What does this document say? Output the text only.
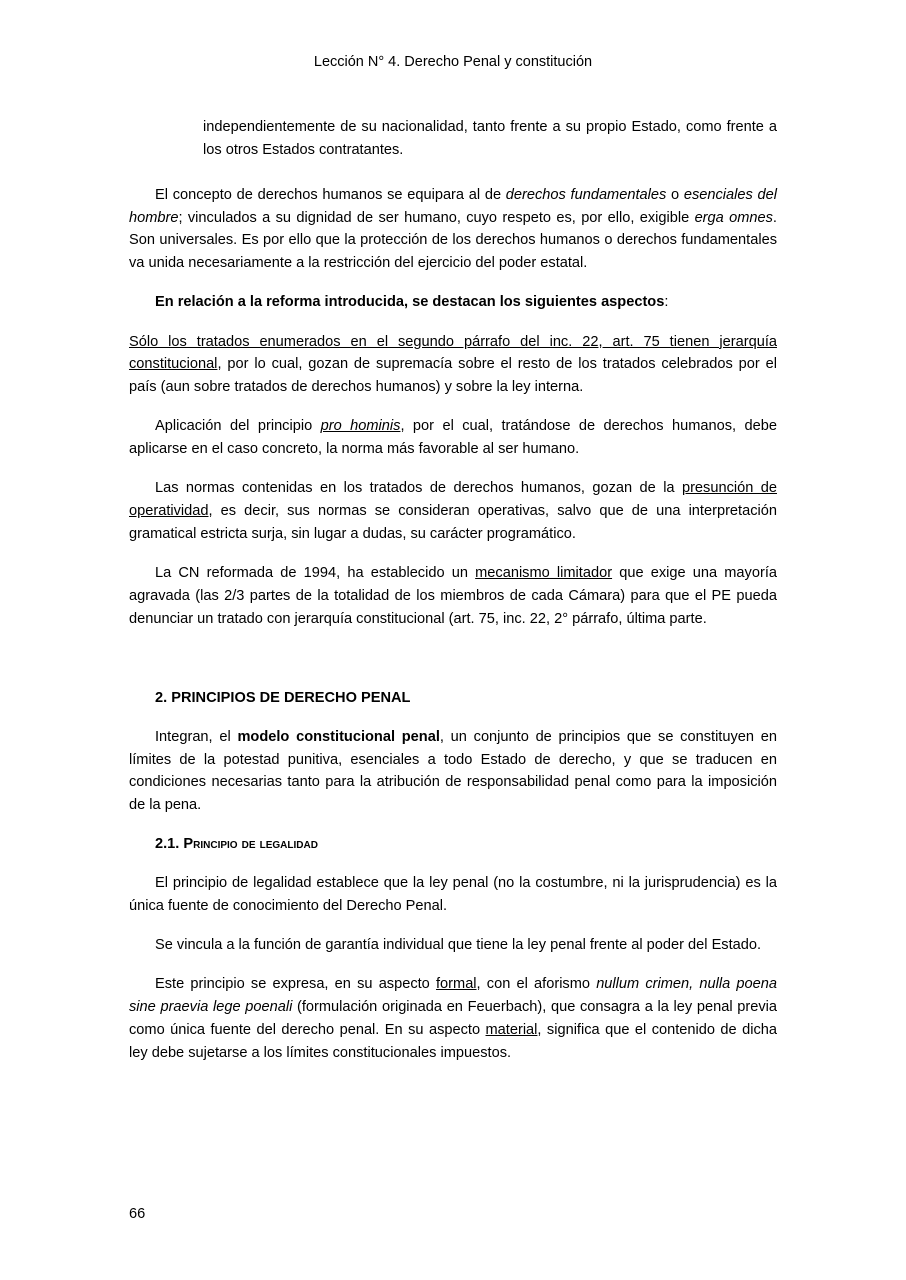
Lección N° 4. Derecho Penal y constitución
independientemente de su nacionalidad, tanto frente a su propio Estado, como frente a los otros Estados contratantes.

El concepto de derechos humanos se equipara al de derechos fundamentales o esenciales del hombre; vinculados a su dignidad de ser humano, cuyo respeto es, por ello, exigible erga omnes. Son universales. Es por ello que la protección de los derechos humanos o derechos fundamentales va unida necesariamente a la restricción del ejercicio del poder estatal.

En relación a la reforma introducida, se destacan los siguientes aspectos:

Sólo los tratados enumerados en el segundo párrafo del inc. 22, art. 75 tienen jerarquía constitucional, por lo cual, gozan de supremacía sobre el resto de los tratados celebrados por el país (aun sobre tratados de derechos humanos) y sobre la ley interna.

Aplicación del principio pro hominis, por el cual, tratándose de derechos humanos, debe aplicarse en el caso concreto, la norma más favorable al ser humano.

Las normas contenidas en los tratados de derechos humanos, gozan de la presunción de operatividad, es decir, sus normas se consideran operativas, salvo que de una interpretación gramatical estricta surja, sin lugar a dudas, su carácter programático.

La CN reformada de 1994, ha establecido un mecanismo limitador que exige una mayoría agravada (las 2/3 partes de la totalidad de los miembros de cada Cámara) para que el PE pueda denunciar un tratado con jerarquía constitucional (art. 75, inc. 22, 2° párrafo, última parte.

2. PRINCIPIOS DE DERECHO PENAL

Integran, el modelo constitucional penal, un conjunto de principios que se constituyen en límites de la potestad punitiva, esenciales a todo Estado de derecho, y que se traducen en condiciones necesarias tanto para la atribución de responsabilidad penal como para la imposición de la pena.

2.1. Principio de legalidad

El principio de legalidad establece que la ley penal (no la costumbre, ni la jurisprudencia) es la única fuente de conocimiento del Derecho Penal.

Se vincula a la función de garantía individual que tiene la ley penal frente al poder del Estado.

Este principio se expresa, en su aspecto formal, con el aforismo nullum crimen, nulla poena sine praevia lege poenali (formulación originada en Feuerbach), que consagra a la ley penal previa como única fuente del derecho penal. En su aspecto material, significa que el contenido de dicha ley debe sujetarse a los límites constitucionales impuestos.

66
